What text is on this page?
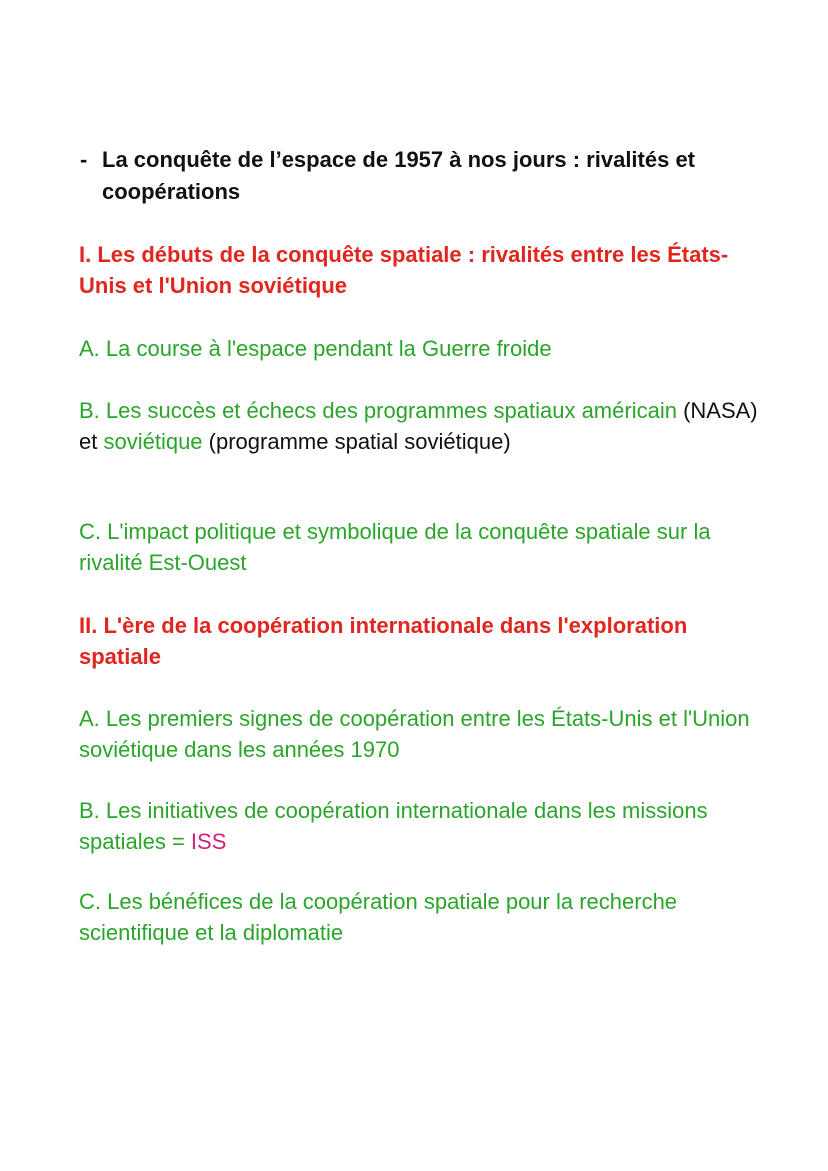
- La conquête de l’espace de 1957 à nos jours : rivalités et coopérations

I. Les débuts de la conquête spatiale : rivalités entre les États-Unis et l'Union soviétique

A. La course à l'espace pendant la Guerre froide

B. Les succès et échecs des programmes spatiaux américain (NASA) et soviétique (programme spatial soviétique)

C. L'impact politique et symbolique de la conquête spatiale sur la rivalité Est-Ouest

II. L'ère de la coopération internationale dans l'exploration spatiale

A. Les premiers signes de coopération entre les États-Unis et l'Union soviétique dans les années 1970

B. Les initiatives de coopération internationale dans les missions spatiales = ISS

C. Les bénéfices de la coopération spatiale pour la recherche scientifique et la diplomatie
